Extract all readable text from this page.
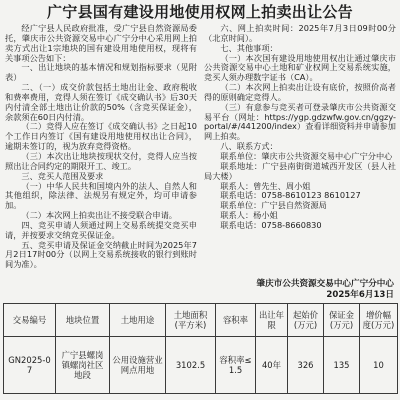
广宁县国有建设用地使用权网上拍卖出让公告

经广宁县人民政府批准，受广宁县自然资源局委托，肇庆市公共资源交易中心广宁分中心采用网上拍卖方式出让1宗地块的国有建设用地使用权，现将有关事项公告如下：

一、出让地块的基本情况和规划指标要求（见附表）

二、（一）成交价款包括土地出让金、政府税收和费率费用，竞得人须在签订《成交确认书》后30天内付清全部土地出让价款的50%（含竞买保证金），余款须在60日内付清。

（二）竞得人应在签订《成交确认书》之日起10个工作日内签订《国有建设用地使用权出让合同》，逾期未签订的，视为放弃竞得资格。

（三）本次出让地块按现状交付，竞得人应当按照出让合同约定的期限开工、竣工。

三、竞买人范围及要求

（一）中华人民共和国境内外的法人、自然人和其他组织，除法律、法规另有规定外，均可申请参加。

（二）本次网上拍卖出让不接受联合申请。

四、竞买申请人须通过网上交易系统提交竞买申请，并按要求交纳竞买保证金。

五、竞买申请及保证金交纳截止时间为2025年7月2日17时00分（以网上交易系统接收的银行到账时间为准）。

六、网上拍卖时间：2025年7月3日09时00分（北京时间）。

七、其他事项：

（一）本次国有建设用地使用权出让通过肇庆市公共资源交易中心土地和矿业权网上交易系统实施，竞买人须办理数字证书（CA）。

（二）本次网上拍卖出让设有底价，按照价高者得的原则确定竞得人。

（三）有意参与竞买者可登录肇庆市公共资源交易平台（网址：https://ygp.gdzwfw.gov.cn/ggzy-portal/#/441200/index）查看详细资料并申请参加网上拍卖。

八、联系方式：

联系单位：肇庆市公共资源交易中心广宁分中心

联系地址：广宁县南街街道城西开发区（县人社局大楼）

联系人：曾先生、周小姐

联系电话：0758-8610123 8610127

联系单位：广宁县自然资源局

联系人：杨小姐

联系电话：0758-8660830

肇庆市公共资源交易中心广宁分中心
2025年6月13日
交易编号	地块位置	土地用途	土地面积(平方米)	容积率	出让年限	起始价(万元)	保证金(万元)	增价幅度(万元)
GN2025-07	广宁县螺岗镇螺岗社区地段	公用设施营业网点用地	3102.5	容积率≤1.5	40年	326	135	10
